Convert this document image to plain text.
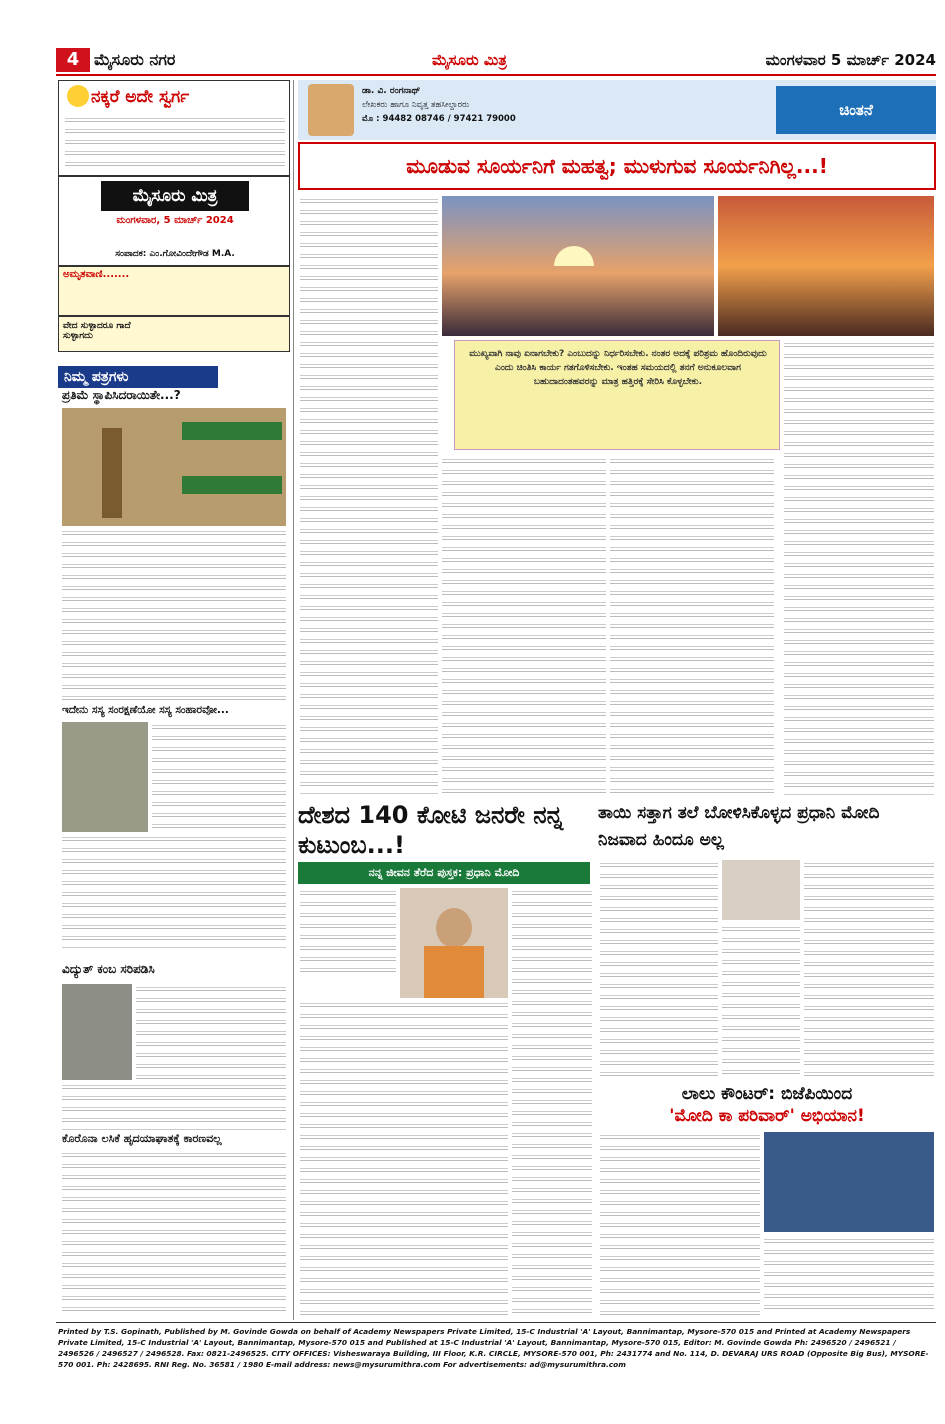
4 ಮೈಸೂರು ನಗರ	ಮೈಸೂರು ಮಿತ್ರ	ಮಂಗಳವಾರ 5 ಮಾರ್ಚ್ 2024
ನಕ್ಕರೆ ಅದೇ ಸ್ವರ್ಗ
ಮೈಸೂರು ಮಿತ್ರ
ಮಂಗಳವಾರ, 5 ಮಾರ್ಚ್ 2024
ಸಂಪಾದಕ: ಎಂ.ಗೋವಿಂದೇಗೌಡ M.A.
ಅಮೃತವಾಣಿ.......
ವೇದ ಸುಳ್ಳಾದರೂ ಗಾದೆ ಸುಳ್ಳಾಗದು
ನಿಮ್ಮ ಪತ್ರಗಳು
ಪ್ರತಿಮೆ ಸ್ಥಾಪಿಸಿದರಾಯಿತೇ...?
ಇದೇನು ಸಸ್ಯ ಸಂರಕ್ಷಣೆಯೋ ಸಸ್ಯ ಸಂಹಾರವೋ...
ವಿದ್ಯುತ್ ಕಂಬ ಸರಿಪಡಿಸಿ
ಕೊರೊನಾ ಲಸಿಕೆ ಹೃದಯಾಘಾತಕ್ಕೆ ಕಾರಣವಲ್ಲ
ಡಾ. ವಿ. ರಂಗನಾಥ್
ಲೇಖಕರು ಹಾಗೂ ನಿವೃತ್ತ ತಹಸೀಲ್ದಾರರು
ಮೊ : 94482 08746 / 97421 79000	ಚಿಂತನೆ
ಮೂಡುವ ಸೂರ್ಯನಿಗೆ ಮಹತ್ವ; ಮುಳುಗುವ ಸೂರ್ಯನಿಗಿಲ್ಲ...!
ಮುಖ್ಯವಾಗಿ ನಾವು ಏನಾಗಬೇಕು? ಎಂಬುದನ್ನು ನಿರ್ಧರಿಸಬೇಕು. ನಂತರ ಅದಕ್ಕೆ ಪರಿಶ್ರಮ ಹೊಂದಿರುವುದು ಎಂದು ಚಿಂತಿಸಿ ಕಾರ್ಯ ಗತಗೊಳಿಸಬೇಕು. ಇಂತಹ ಸಮಯದಲ್ಲಿ ತನಗೆ ಅನುಕೂಲವಾಗ ಬಹುದಾದಂತಹವರನ್ನು ಮಾತ್ರ ಹತ್ತಿರಕ್ಕೆ ಸೇರಿಸಿ ಕೊಳ್ಳಬೇಕು.
ದೇಶದ 140 ಕೋಟಿ ಜನರೇ ನನ್ನ ಕುಟುಂಬ...!
ನನ್ನ ಜೀವನ ತೆರೆದ ಪುಸ್ತಕ: ಪ್ರಧಾನಿ ಮೋದಿ
ತಾಯಿ ಸತ್ತಾಗ ತಲೆ ಬೋಳಿಸಿಕೊಳ್ಳದ ಪ್ರಧಾನಿ ಮೋದಿ ನಿಜವಾದ ಹಿಂದೂ ಅಲ್ಲ
ಲಾಲು ಕೌಂಟರ್: ಬಿಜೆಪಿಯಿಂದ
'ಮೋದಿ ಕಾ ಪರಿವಾರ್' ಅಭಿಯಾನ!
Printed by T.S. Gopinath, Published by M. Govinde Gowda on behalf of Academy Newspapers Private Limited, 15-C Industrial 'A' Layout, Bannimantap, Mysore-570 015 and Printed at Academy Newspapers Private Limited, 15-C Industrial 'A' Layout, Bannimantap, Mysore-570 015 and Published at 15-C Industrial 'A' Layout, Bannimantap, Mysore-570 015, Editor: M. Govinde Gowda Ph: 2496520 / 2496521 / 2496526 / 2496527 / 2496528. Fax: 0821-2496525. CITY OFFICES: Visheswaraya Building, III Floor, K.R. CIRCLE, MYSORE-570 001, Ph: 2431774 and No. 114, D. DEVARAJ URS ROAD (Opposite Big Bus), MYSORE-570 001. Ph: 2428695. RNI Reg. No. 36581 / 1980 E-mail address: news@mysurumithra.com For advertisements: ad@mysurumithra.com
